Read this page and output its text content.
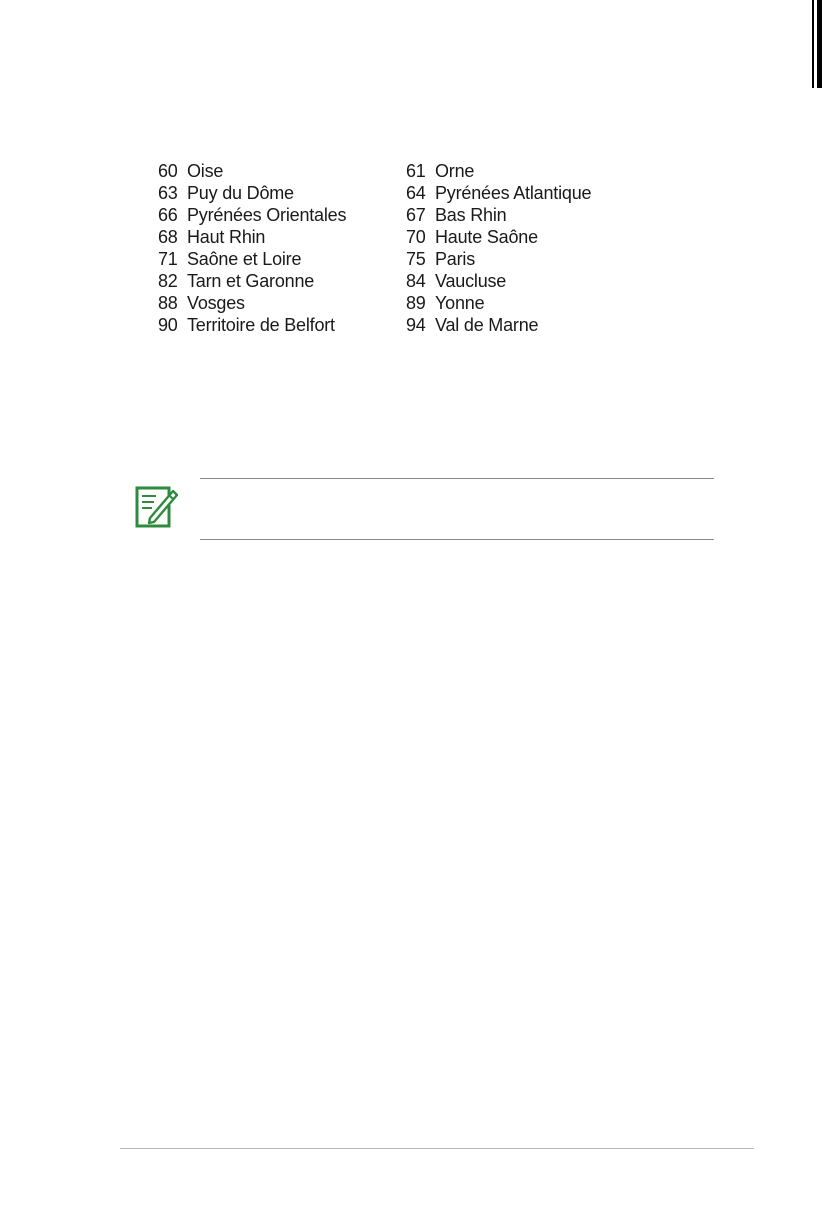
60 Oise
63 Puy du Dôme
66 Pyrénées Orientales
68 Haut Rhin
71 Saône et Loire
82 Tarn et Garonne
88 Vosges
90 Territoire de Belfort
61 Orne
64 Pyrénées Atlantique
67 Bas Rhin
70 Haute Saône
75 Paris
84 Vaucluse
89 Yonne
94 Val de Marne
